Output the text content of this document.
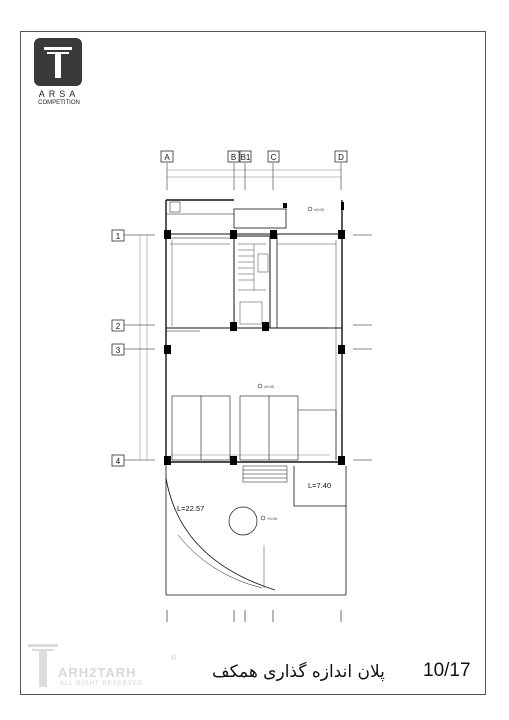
ARSA
COMPETITION
A	B B1	C	D
1
2
3
4
L=22.57
L=7.40
±0.00
±0.00
+0.00
ARH2TARH
ALL RIGHT RESERVED
©
پلان اندازه گذاری همکف 10/17
